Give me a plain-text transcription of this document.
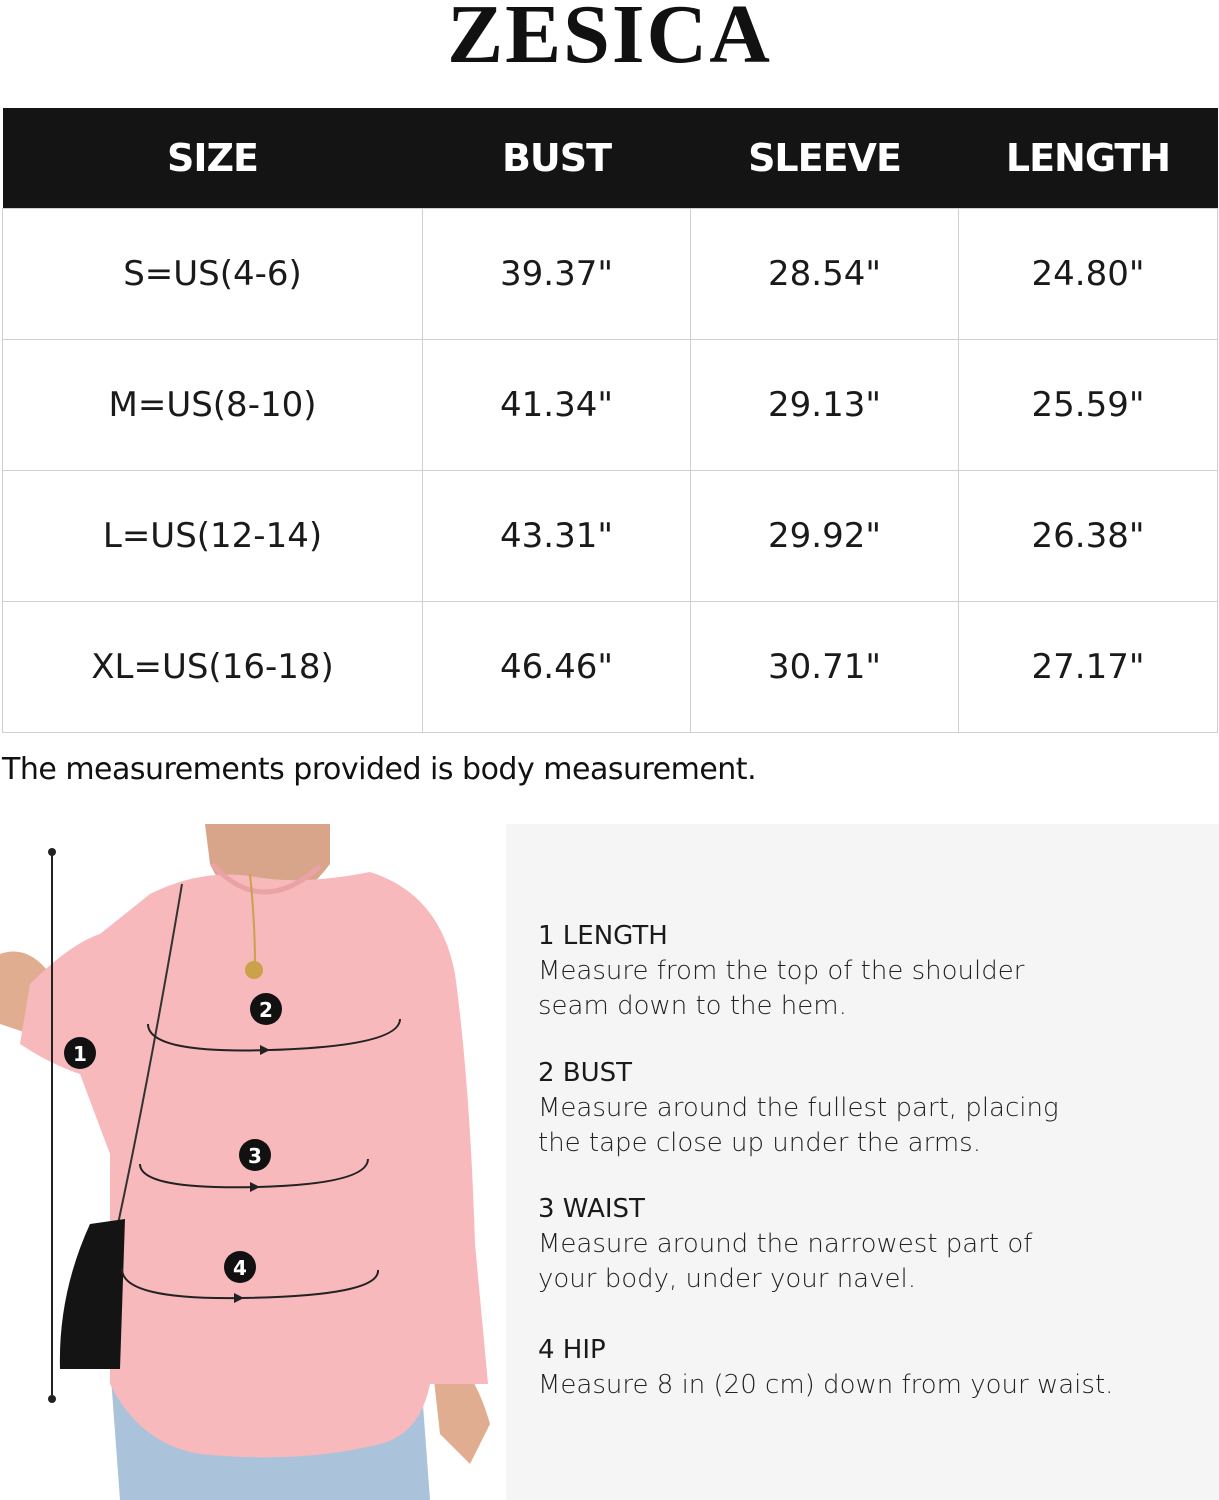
ZESICA
SIZE	BUST	SLEEVE	LENGTH
S=US(4-6)	39.37"	28.54"	24.80"
M=US(8-10)	41.34"	29.13"	25.59"
L=US(12-14)	43.31"	29.92"	26.38"
XL=US(16-18)	46.46"	30.71"	27.17"
The measurements provided is body measurement.
1
2
3
4
1 LENGTH
Measure from the top of the shoulder
seam down to the hem.
2 BUST
Measure around the fullest part, placing
the tape close up under the arms.
3 WAIST
Measure around the narrowest part of
your body, under your navel.
4 HIP
Measure 8 in (20 cm) down from your waist.
